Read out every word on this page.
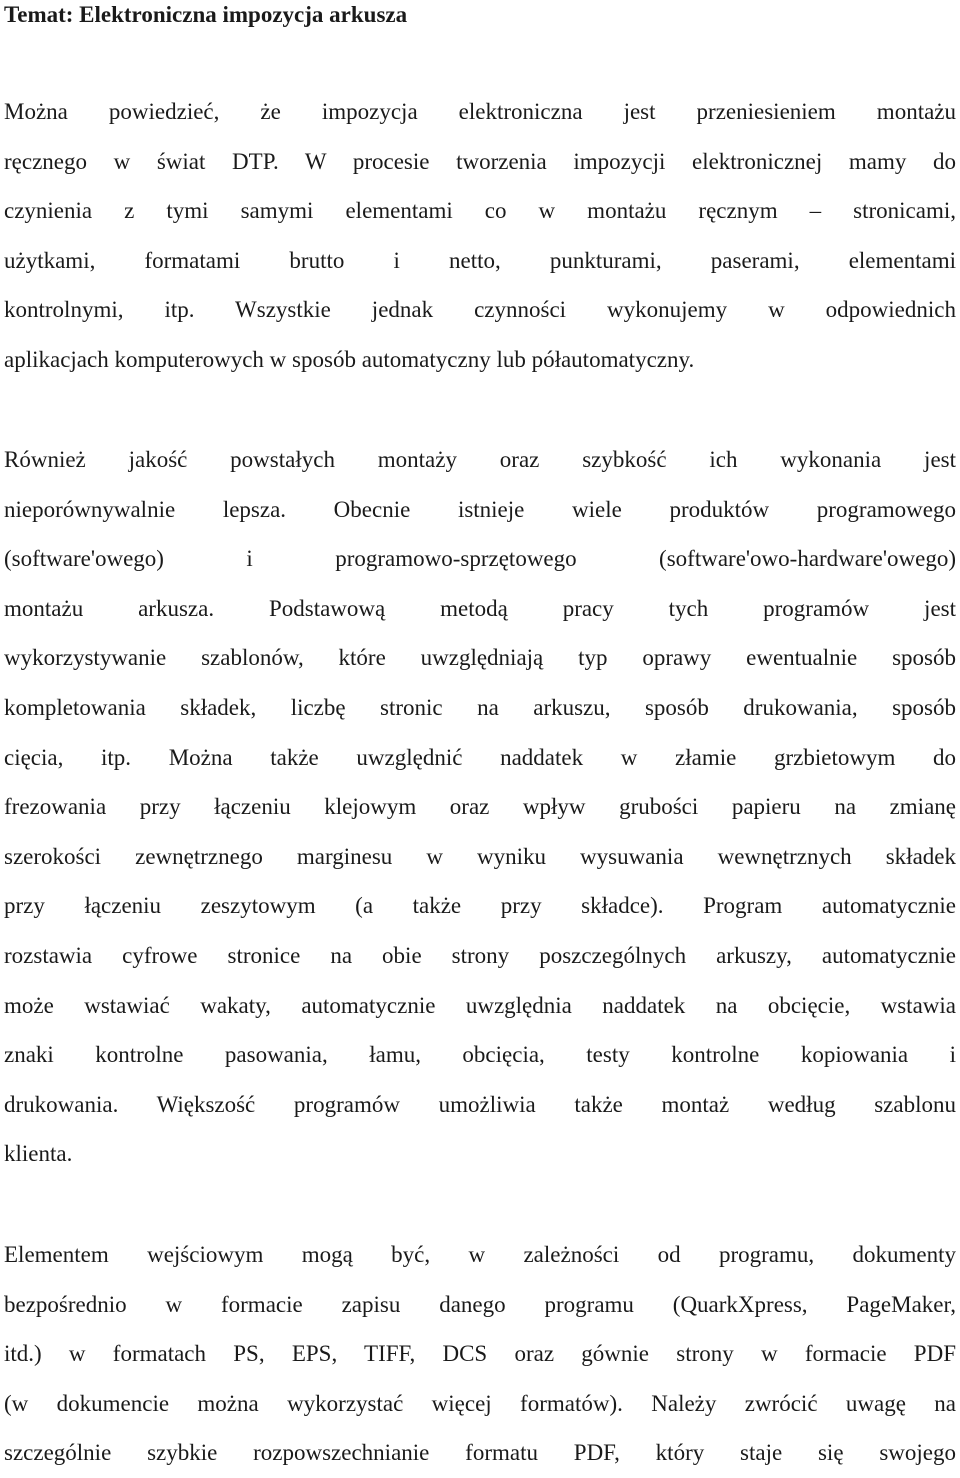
Temat: Elektroniczna impozycja arkusza
Można powiedzieć, że impozycja elektroniczna jest przeniesieniem montażu
ręcznego w świat DTP. W procesie tworzenia impozycji elektronicznej mamy do
czynienia z tymi samymi elementami co w montażu ręcznym – stronicami,
użytkami, formatami brutto i netto, punkturami, paserami, elementami
kontrolnymi, itp. Wszystkie jednak czynności wykonujemy w odpowiednich
aplikacjach komputerowych w sposób automatyczny lub półautomatyczny.
Również jakość powstałych montaży oraz szybkość ich wykonania jest
nieporównywalnie lepsza. Obecnie istnieje wiele produktów programowego
(software'owego) i programowo-sprzętowego (software'owo-hardware'owego)
montażu arkusza. Podstawową metodą pracy tych programów jest
wykorzystywanie szablonów, które uwzględniają typ oprawy ewentualnie sposób
kompletowania składek, liczbę stronic na arkuszu, sposób drukowania, sposób
cięcia, itp. Można także uwzględnić naddatek w złamie grzbietowym do
frezowania przy łączeniu klejowym oraz wpływ grubości papieru na zmianę
szerokości zewnętrznego marginesu w wyniku wysuwania wewnętrznych składek
przy łączeniu zeszytowym (a także przy składce). Program automatycznie
rozstawia cyfrowe stronice na obie strony poszczególnych arkuszy, automatycznie
może wstawiać wakaty, automatycznie uwzględnia naddatek na obcięcie, wstawia
znaki kontrolne pasowania, łamu, obcięcia, testy kontrolne kopiowania i
drukowania. Większość programów umożliwia także montaż według szablonu
klienta.
Elementem wejściowym mogą być, w zależności od programu, dokumenty
bezpośrednio w formacie zapisu danego programu (QuarkXpress, PageMaker,
itd.) w formatach PS, EPS, TIFF, DCS oraz gównie strony w formacie PDF
(w dokumencie można wykorzystać więcej formatów). Należy zwrócić uwagę na
szczególnie szybkie rozpowszechnianie formatu PDF, który staje się swojego
